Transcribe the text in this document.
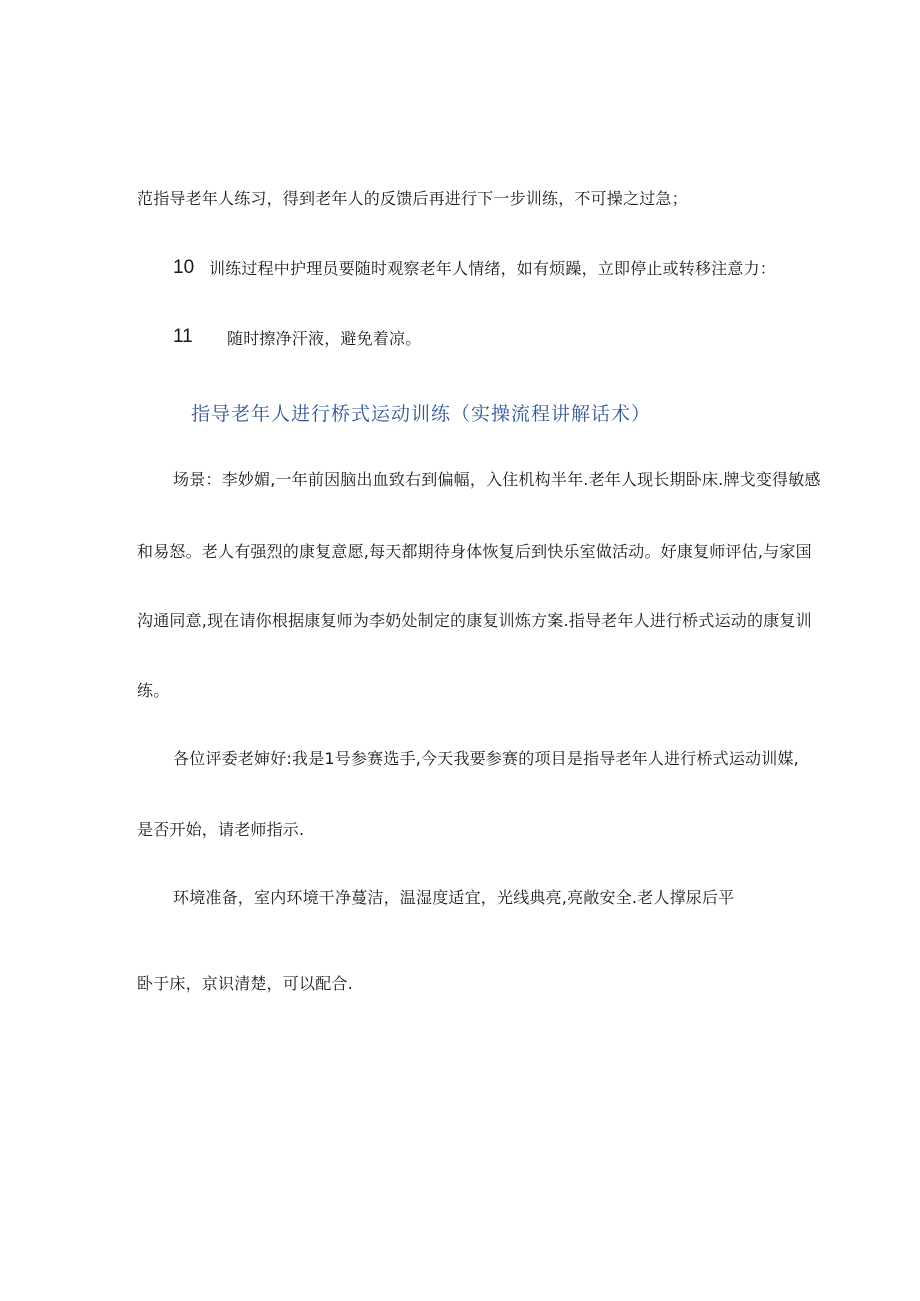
范指导老年人练习，得到老年人的反馈后再进行下一步训练，不可操之过急；
10 训练过程中护理员要随时观察老年人情绪，如有烦躁，立即停止或转移注意力：
11 随时擦净汗液，避免着凉。
指导老年人进行桥式运动训练（实操流程讲解话术）
场景：李妙媚,一年前因脑出血致右到偏幅，入住机构半年.老年人现长期卧床.牌戈变得敏感
和易怒。老人有强烈的康复意愿,每天都期待身体恢复后到快乐室做活动。好康复师评估,与家国
沟通同意,现在请你根据康复师为李奶处制定的康复训炼方案.指导老年人进行桥式运动的康复训
练。
各位评委老婶好:我是1号参赛选手,今天我要参赛的项目是指导老年人进行桥式运动训媒,
是否开始，请老师指示.
环境准备，室内环境干净蔓洁，温湿度适宜，光线典亮,亮敞安全.老人撑尿后平
卧于床，京识清楚，可以配合.
